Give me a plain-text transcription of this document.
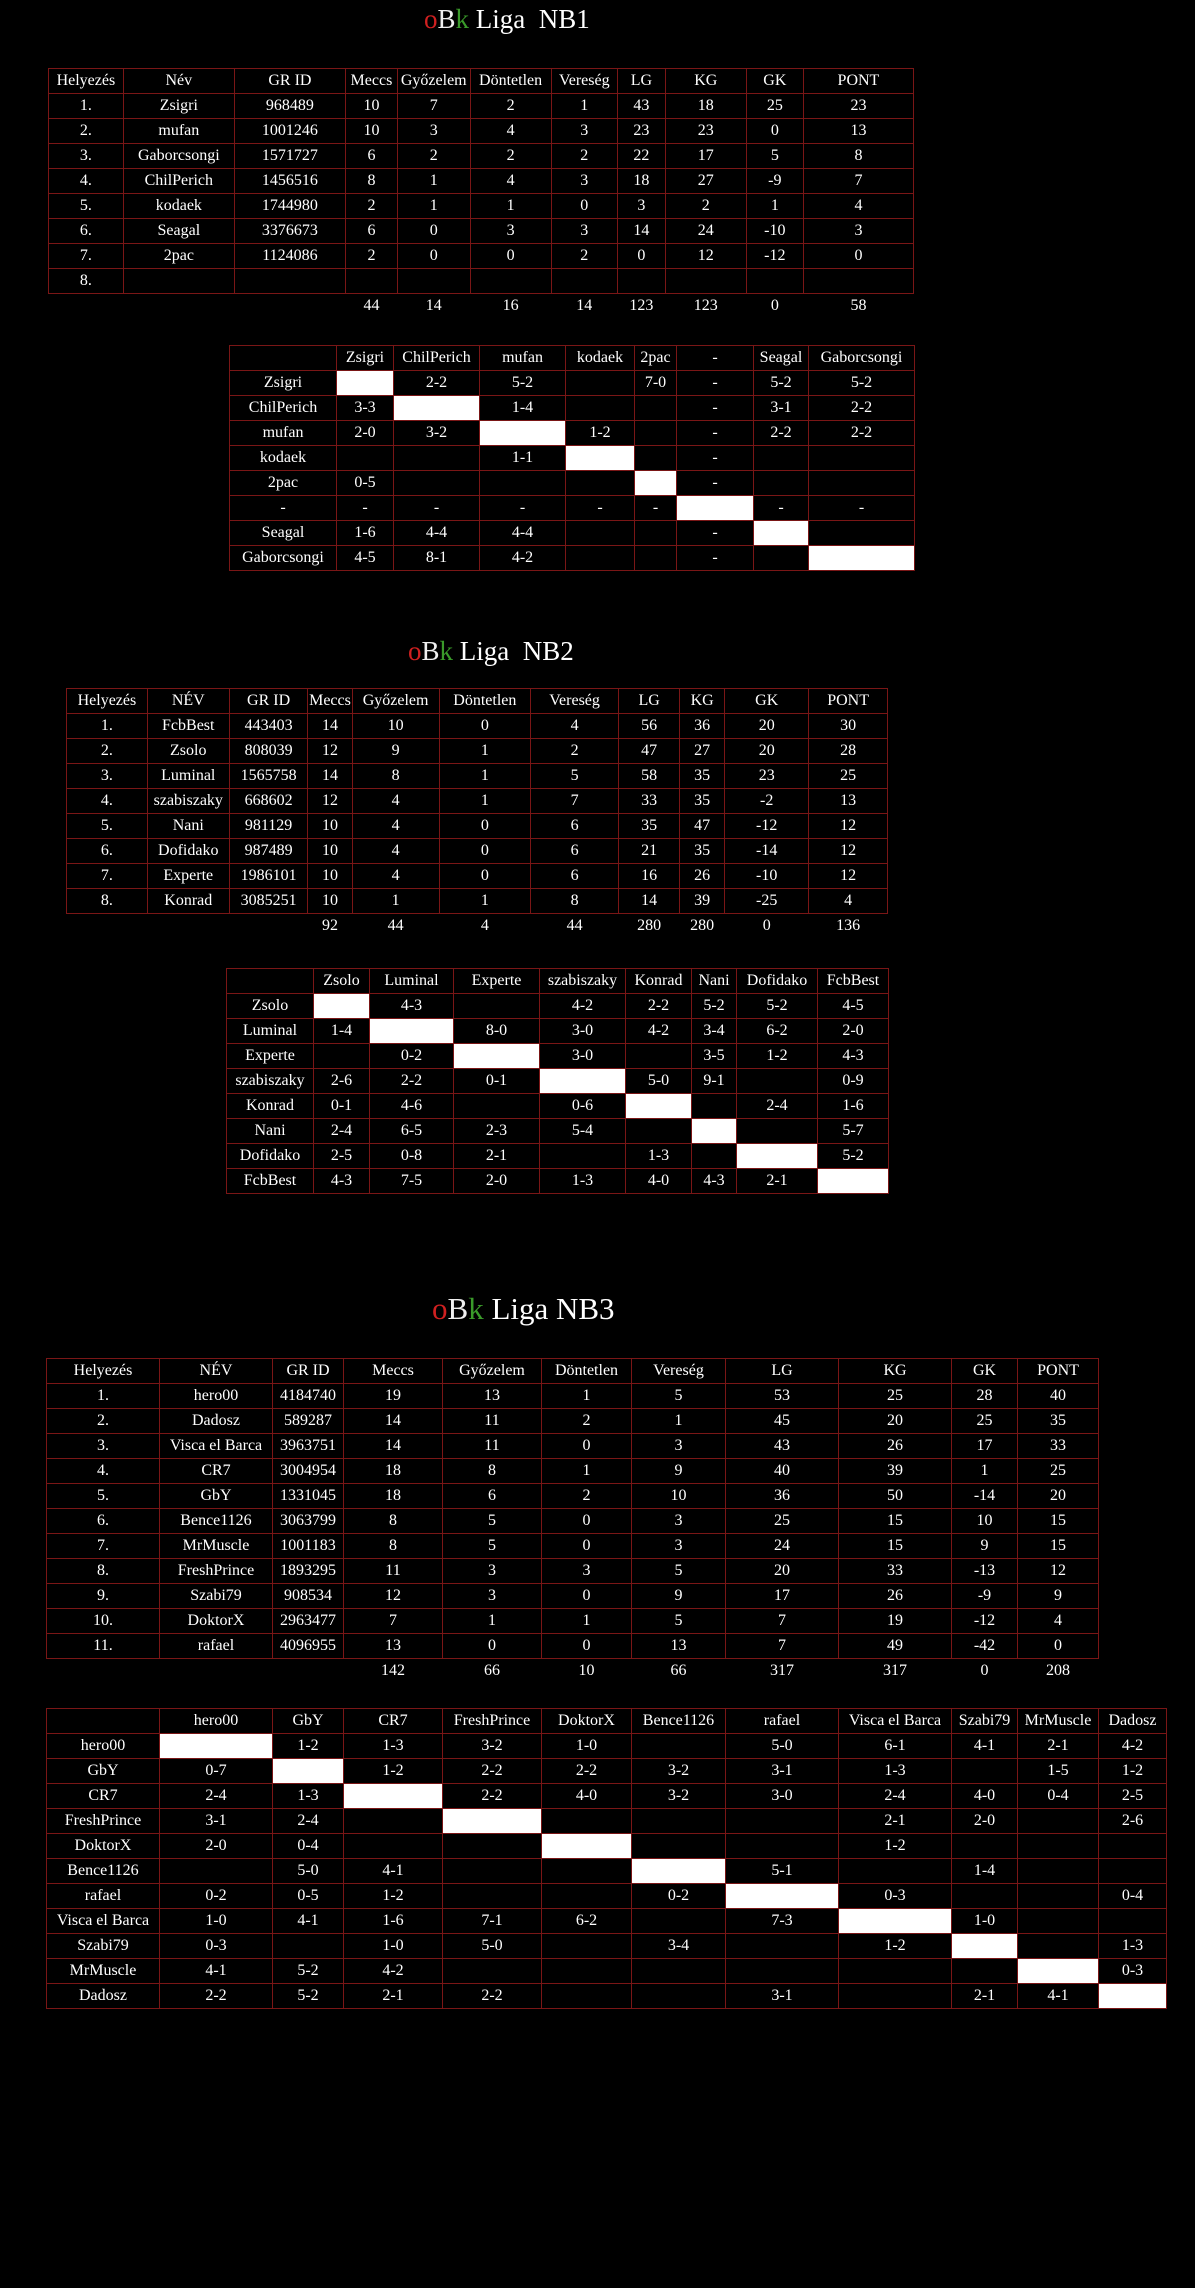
oBk Liga  NB1
Helyezés	Név	GR ID	Meccs	Győzelem	Döntetlen	Vereség	LG	KG	GK	PONT
1.	Zsigri	968489	10	7	2	1	43	18	25	23
2.	mufan	1001246	10	3	4	3	23	23	0	13
3.	Gaborcsongi	1571727	6	2	2	2	22	17	5	8
4.	ChilPerich	1456516	8	1	4	3	18	27	-9	7
5.	kodaek	1744980	2	1	1	0	3	2	1	4
6.	Seagal	3376673	6	0	3	3	14	24	-10	3
7.	2pac	1124086	2	0	0	2	0	12	-12	0
8.										
			44	14	16	14	123	123	0	58
	Zsigri	ChilPerich	mufan	kodaek	2pac	-	Seagal	Gaborcsongi
Zsigri		2-2	5-2		7-0	-	5-2	5-2
ChilPerich	3-3		1-4			-	3-1	2-2
mufan	2-0	3-2		1-2		-	2-2	2-2
kodaek			1-1			-		
2pac	0-5					-		
-	-	-	-	-	-		-	-
Seagal	1-6	4-4	4-4			-		
Gaborcsongi	4-5	8-1	4-2			-		
oBk Liga  NB2
Helyezés	NÉV	GR ID	Meccs	Győzelem	Döntetlen	Vereség	LG	KG	GK	PONT
1.	FcbBest	443403	14	10	0	4	56	36	20	30
2.	Zsolo	808039	12	9	1	2	47	27	20	28
3.	Luminal	1565758	14	8	1	5	58	35	23	25
4.	szabiszaky	668602	12	4	1	7	33	35	-2	13
5.	Nani	981129	10	4	0	6	35	47	-12	12
6.	Dofidako	987489	10	4	0	6	21	35	-14	12
7.	Experte	1986101	10	4	0	6	16	26	-10	12
8.	Konrad	3085251	10	1	1	8	14	39	-25	4
			92	44	4	44	280	280	0	136
	Zsolo	Luminal	Experte	szabiszaky	Konrad	Nani	Dofidako	FcbBest
Zsolo		4-3		4-2	2-2	5-2	5-2	4-5
Luminal	1-4		8-0	3-0	4-2	3-4	6-2	2-0
Experte		0-2		3-0		3-5	1-2	4-3
szabiszaky	2-6	2-2	0-1		5-0	9-1		0-9
Konrad	0-1	4-6		0-6			2-4	1-6
Nani	2-4	6-5	2-3	5-4				5-7
Dofidako	2-5	0-8	2-1		1-3			5-2
FcbBest	4-3	7-5	2-0	1-3	4-0	4-3	2-1	
oBk Liga NB3
Helyezés	NÉV	GR ID	Meccs	Győzelem	Döntetlen	Vereség	LG	KG	GK	PONT
1.	hero00	4184740	19	13	1	5	53	25	28	40
2.	Dadosz	589287	14	11	2	1	45	20	25	35
3.	Visca el Barca	3963751	14	11	0	3	43	26	17	33
4.	CR7	3004954	18	8	1	9	40	39	1	25
5.	GbY	1331045	18	6	2	10	36	50	-14	20
6.	Bence1126	3063799	8	5	0	3	25	15	10	15
7.	MrMuscle	1001183	8	5	0	3	24	15	9	15
8.	FreshPrince	1893295	11	3	3	5	20	33	-13	12
9.	Szabi79	908534	12	3	0	9	17	26	-9	9
10.	DoktorX	2963477	7	1	1	5	7	19	-12	4
11.	rafael	4096955	13	0	0	13	7	49	-42	0
			142	66	10	66	317	317	0	208
	hero00	GbY	CR7	FreshPrince	DoktorX	Bence1126	rafael	Visca el Barca	Szabi79	MrMuscle	Dadosz
hero00		1-2	1-3	3-2	1-0		5-0	6-1	4-1	2-1	4-2
GbY	0-7		1-2	2-2	2-2	3-2	3-1	1-3		1-5	1-2
CR7	2-4	1-3		2-2	4-0	3-2	3-0	2-4	4-0	0-4	2-5
FreshPrince	3-1	2-4						2-1	2-0		2-6
DoktorX	2-0	0-4						1-2			
Bence1126		5-0	4-1				5-1		1-4		
rafael	0-2	0-5	1-2			0-2		0-3			0-4
Visca el Barca	1-0	4-1	1-6	7-1	6-2		7-3		1-0		
Szabi79	0-3		1-0	5-0		3-4		1-2			1-3
MrMuscle	4-1	5-2	4-2								0-3
Dadosz	2-2	5-2	2-1	2-2			3-1		2-1	4-1	
